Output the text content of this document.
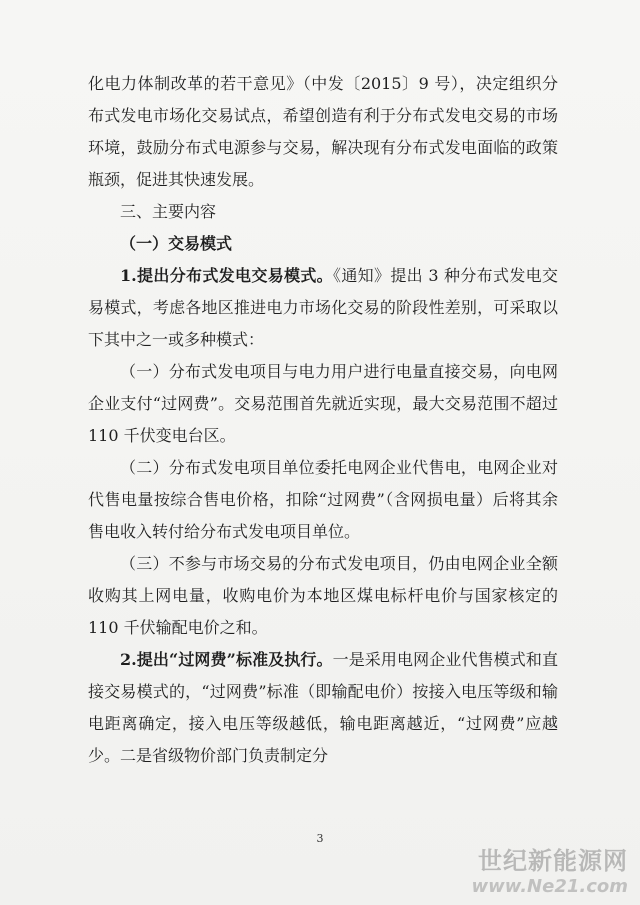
化电力体制改革的若干意见》（中发〔2015〕9 号），决定组织分布式发电市场化交易试点，希望创造有利于分布式发电交易的市场环境，鼓励分布式电源参与交易，解决现有分布式发电面临的政策瓶颈，促进其快速发展。

三、主要内容

（一）交易模式

1.提出分布式发电交易模式。《通知》提出 3 种分布式发电交易模式，考虑各地区推进电力市场化交易的阶段性差别，可采取以下其中之一或多种模式：

（一）分布式发电项目与电力用户进行电量直接交易，向电网企业支付“过网费”。交易范围首先就近实现，最大交易范围不超过 110 千伏变电台区。

（二）分布式发电项目单位委托电网企业代售电，电网企业对代售电量按综合售电价格，扣除“过网费”（含网损电量）后将其余售电收入转付给分布式发电项目单位。

（三）不参与市场交易的分布式发电项目，仍由电网企业全额收购其上网电量，收购电价为本地区煤电标杆电价与国家核定的 110 千伏输配电价之和。

2.提出“过网费”标准及执行。一是采用电网企业代售模式和直接交易模式的，“过网费”标准（即输配电价）按接入电压等级和输电距离确定，接入电压等级越低，输电距离越近，“过网费”应越少。二是省级物价部门负责制定分

3
世纪新能源网
www.Ne21.com
